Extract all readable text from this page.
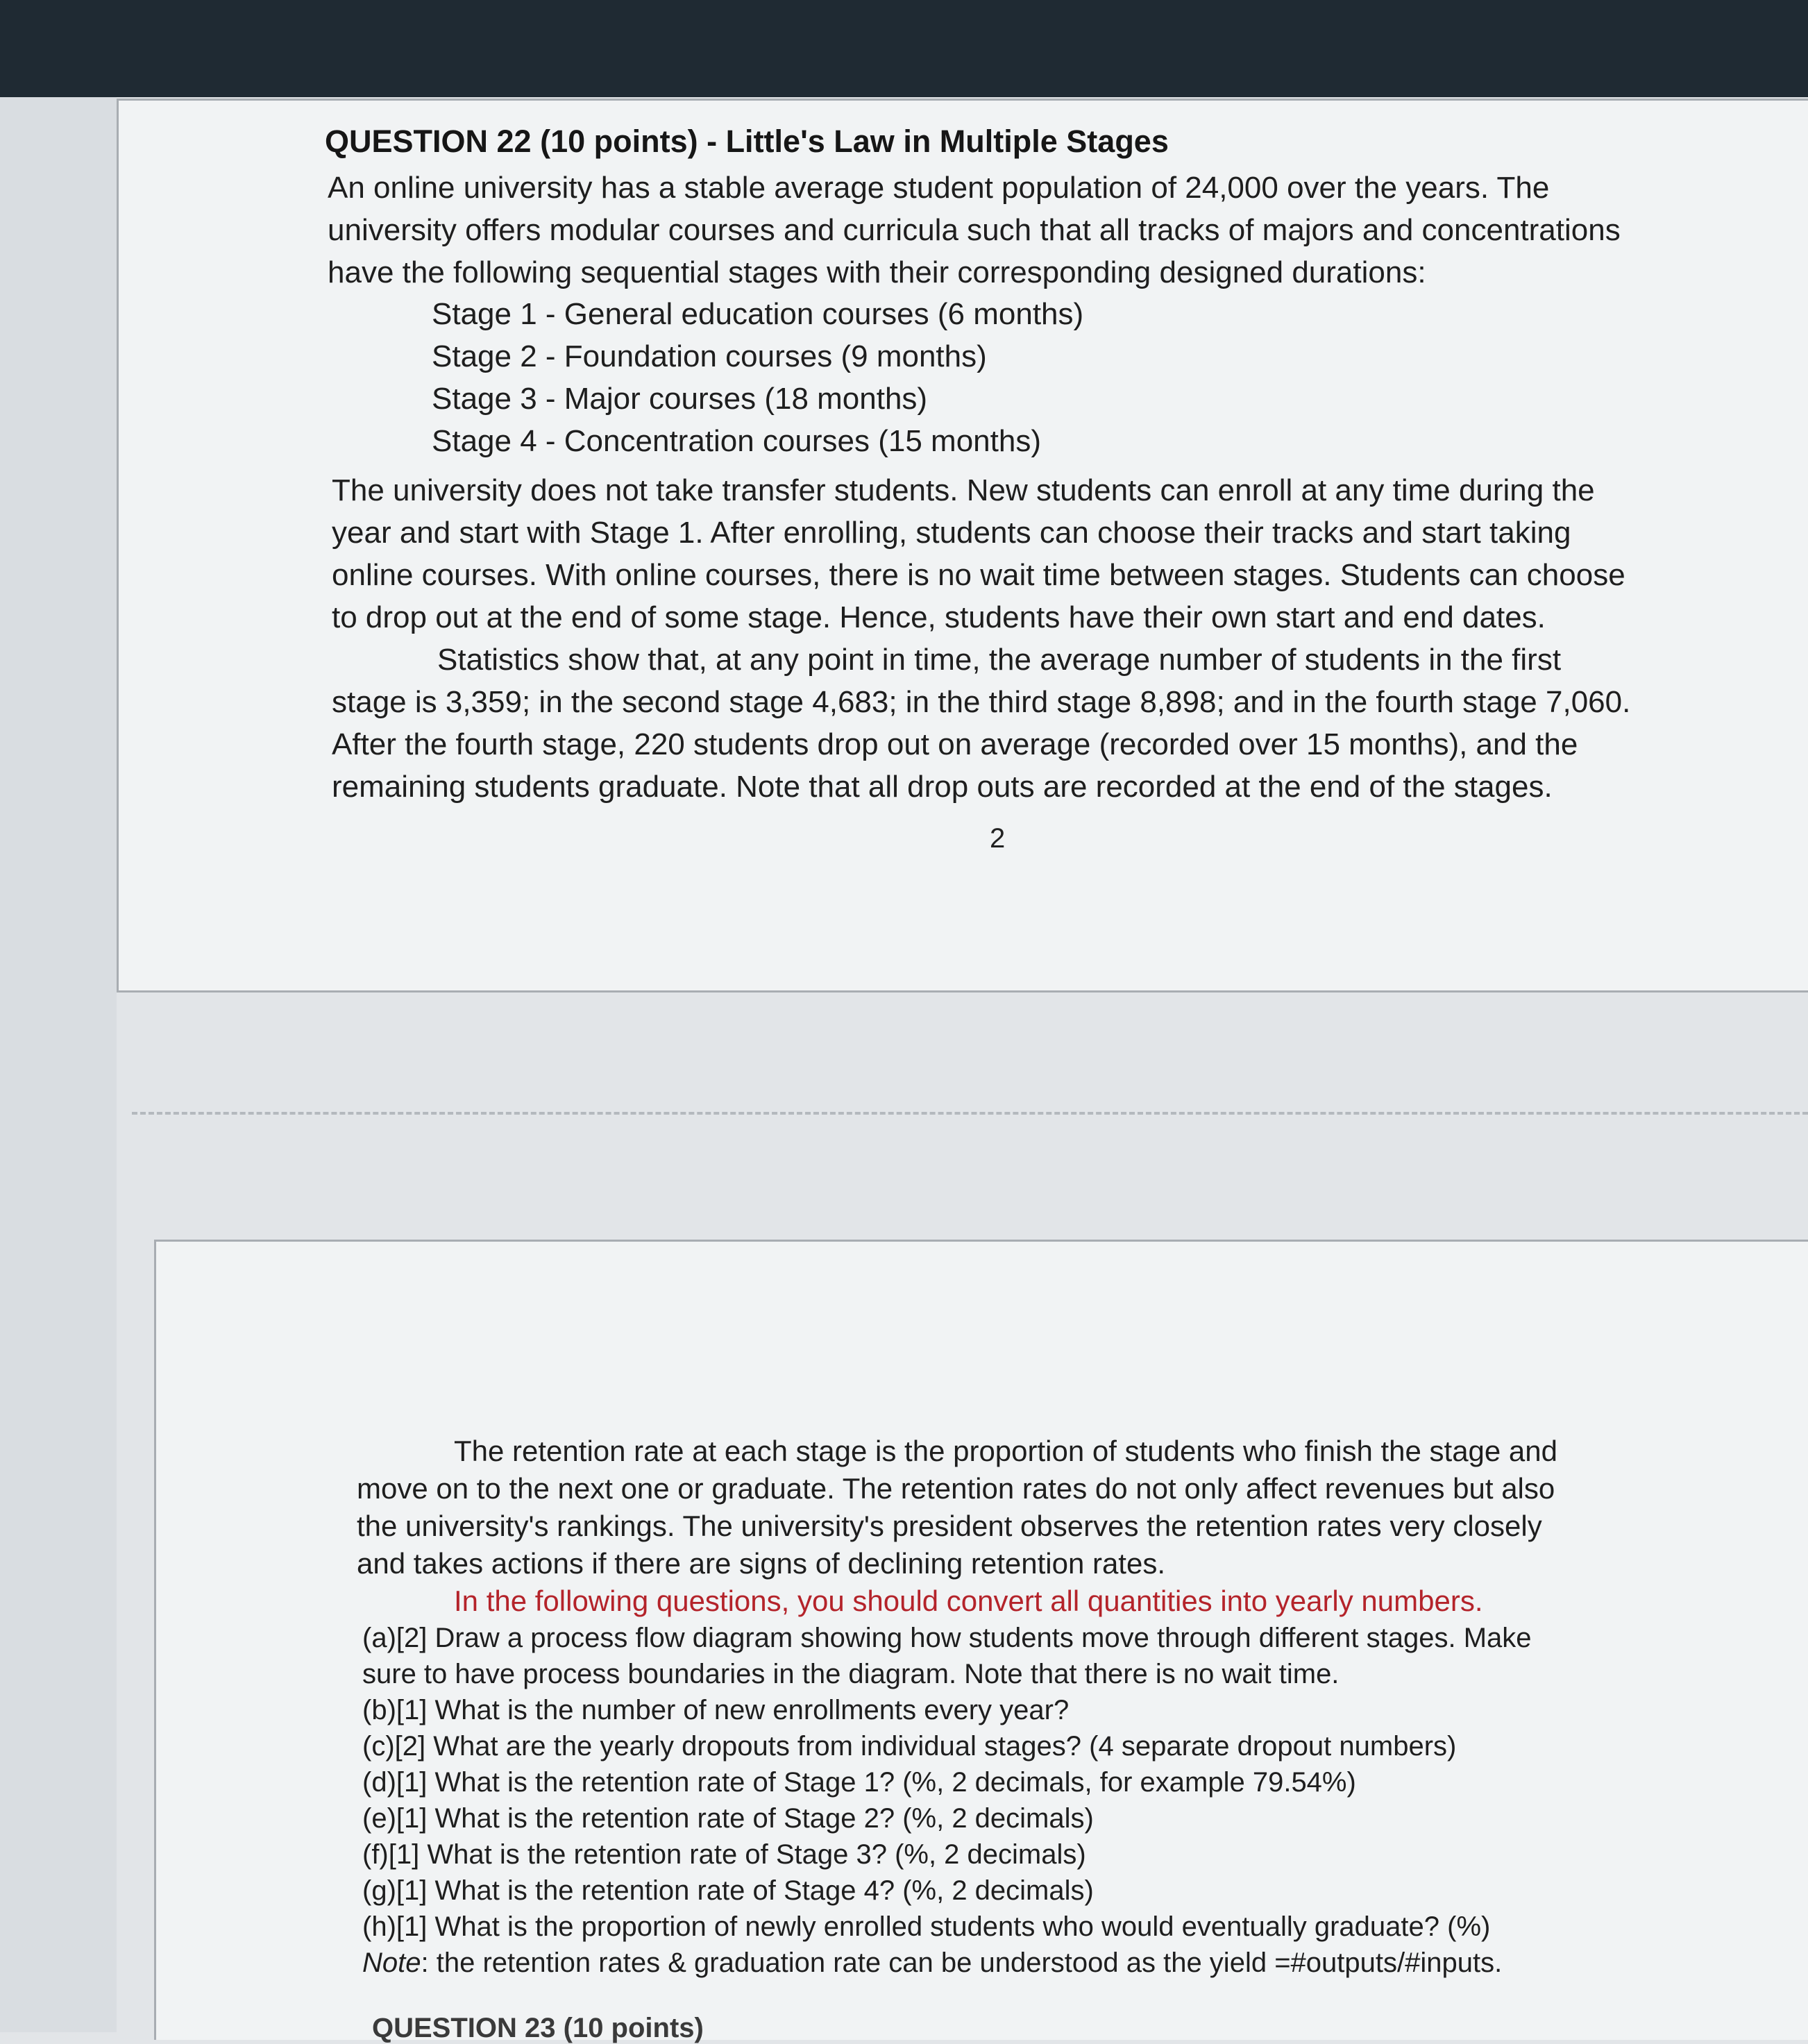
QUESTION 22 (10 points) - Little's Law in Multiple Stages
An online university has a stable average student population of 24,000 over the years. The
university offers modular courses and curricula such that all tracks of majors and concentrations
have the following sequential stages with their corresponding designed durations:
Stage 1 - General education courses (6 months)
Stage 2 - Foundation courses (9 months)
Stage 3 - Major courses (18 months)
Stage 4 - Concentration courses (15 months)
The university does not take transfer students. New students can enroll at any time during the
year and start with Stage 1. After enrolling, students can choose their tracks and start taking
online courses. With online courses, there is no wait time between stages. Students can choose
to drop out at the end of some stage. Hence, students have their own start and end dates.
Statistics show that, at any point in time, the average number of students in the first
stage is 3,359; in the second stage 4,683; in the third stage 8,898; and in the fourth stage 7,060.
After the fourth stage, 220 students drop out on average (recorded over 15 months), and the
remaining students graduate. Note that all drop outs are recorded at the end of the stages.
2
The retention rate at each stage is the proportion of students who finish the stage and
move on to the next one or graduate. The retention rates do not only affect revenues but also
the university's rankings. The university's president observes the retention rates very closely
and takes actions if there are signs of declining retention rates.
In the following questions, you should convert all quantities into yearly numbers.
(a)[2] Draw a process flow diagram showing how students move through different stages. Make
sure to have process boundaries in the diagram. Note that there is no wait time.
(b)[1] What is the number of new enrollments every year?
(c)[2] What are the yearly dropouts from individual stages? (4 separate dropout numbers)
(d)[1] What is the retention rate of Stage 1? (%, 2 decimals, for example 79.54%)
(e)[1] What is the retention rate of Stage 2? (%, 2 decimals)
(f)[1] What is the retention rate of Stage 3? (%, 2 decimals)
(g)[1] What is the retention rate of Stage 4? (%, 2 decimals)
(h)[1] What is the proportion of newly enrolled students who would eventually graduate? (%)
Note: the retention rates & graduation rate can be understood as the yield =#outputs/#inputs.
QUESTION 23 (10 points)
